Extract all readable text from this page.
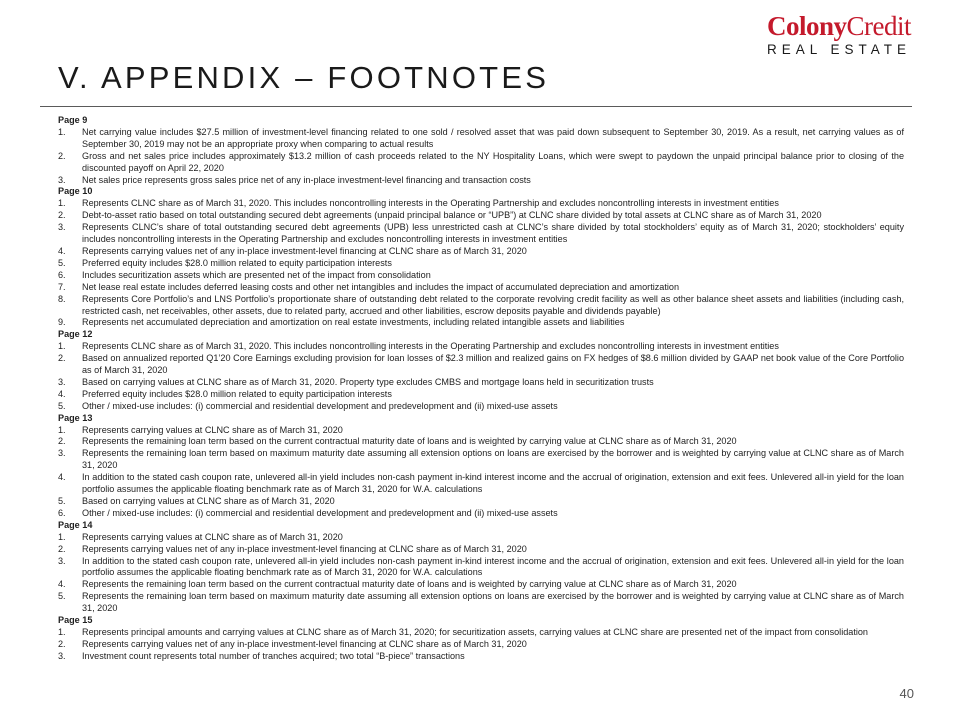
ColonyCredit
REAL ESTATE
V. APPENDIX – FOOTNOTES
Page 9
1.	Net carrying value includes $27.5 million of investment-level financing related to one sold / resolved asset that was paid down subsequent to September 30, 2019. As a result, net carrying values as of September 30, 2019 may not be an appropriate proxy when comparing to actual results
2.	Gross and net sales price includes approximately $13.2 million of cash proceeds related to the NY Hospitality Loans, which were swept to paydown the unpaid principal balance prior to closing of the discounted payoff on April 22, 2020
3.	Net sales price represents gross sales price net of any in-place investment-level financing and transaction costs
Page 10
1.	Represents CLNC share as of March 31, 2020. This includes noncontrolling interests in the Operating Partnership and excludes noncontrolling interests in investment entities
2.	Debt-to-asset ratio based on total outstanding secured debt agreements (unpaid principal balance or “UPB”) at CLNC share divided by total assets at CLNC share as of March 31, 2020
3.	Represents CLNC’s share of total outstanding secured debt agreements (UPB) less unrestricted cash at CLNC’s share divided by total stockholders’ equity as of March 31, 2020; stockholders’ equity includes noncontrolling interests in the Operating Partnership and excludes noncontrolling interests in investment entities
4.	Represents carrying values net of any in-place investment-level financing at CLNC share as of March 31, 2020
5.	Preferred equity includes $28.0 million related to equity participation interests
6.	Includes securitization assets which are presented net of the impact from consolidation
7.	Net lease real estate includes deferred leasing costs and other net intangibles and includes the impact of accumulated depreciation and amortization
8.	Represents Core Portfolio’s and LNS Portfolio’s proportionate share of outstanding debt related to the corporate revolving credit facility as well as other balance sheet assets and liabilities (including cash, restricted cash, net receivables, other assets, due to related party, accrued and other liabilities, escrow deposits payable and dividends payable)
9.	Represents net accumulated depreciation and amortization on real estate investments, including related intangible assets and liabilities
Page 12
1.	Represents CLNC share as of March 31, 2020. This includes noncontrolling interests in the Operating Partnership and excludes noncontrolling interests in investment entities
2.	Based on annualized reported Q1’20 Core Earnings excluding provision for loan losses of $2.3 million and realized gains on FX hedges of $8.6 million divided by GAAP net book value of the Core Portfolio as of March 31, 2020
3.	Based on carrying values at CLNC share as of March 31, 2020. Property type excludes CMBS and mortgage loans held in securitization trusts
4.	Preferred equity includes $28.0 million related to equity participation interests
5.	Other / mixed-use includes: (i) commercial and residential development and predevelopment and (ii) mixed-use assets
Page 13
1.	Represents carrying values at CLNC share as of March 31, 2020
2.	Represents the remaining loan term based on the current contractual maturity date of loans and is weighted by carrying value at CLNC share as of March 31, 2020
3.	Represents the remaining loan term based on maximum maturity date assuming all extension options on loans are exercised by the borrower and is weighted by carrying value at CLNC share as of March 31, 2020
4.	In addition to the stated cash coupon rate, unlevered all-in yield includes non-cash payment in-kind interest income and the accrual of origination, extension and exit fees. Unlevered all-in yield for the loan portfolio assumes the applicable floating benchmark rate as of March 31, 2020 for W.A. calculations
5.	Based on carrying values at CLNC share as of March 31, 2020
6.	Other / mixed-use includes: (i) commercial and residential development and predevelopment and (ii) mixed-use assets
Page 14
1.	Represents carrying values at CLNC share as of March 31, 2020
2.	Represents carrying values net of any in-place investment-level financing at CLNC share as of March 31, 2020
3.	In addition to the stated cash coupon rate, unlevered all-in yield includes non-cash payment in-kind interest income and the accrual of origination, extension and exit fees. Unlevered all-in yield for the loan portfolio assumes the applicable floating benchmark rate as of March 31, 2020 for W.A. calculations
4.	Represents the remaining loan term based on the current contractual maturity date of loans and is weighted by carrying value at CLNC share as of March 31, 2020
5.	Represents the remaining loan term based on maximum maturity date assuming all extension options on loans are exercised by the borrower and is weighted by carrying value at CLNC share as of March 31, 2020
Page 15
1.	Represents principal amounts and carrying values at CLNC share as of March 31, 2020; for securitization assets, carrying values at CLNC share are presented net of the impact from consolidation
2.	Represents carrying values net of any in-place investment-level financing at CLNC share as of March 31, 2020
3.	Investment count represents total number of tranches acquired; two total “B-piece” transactions
40
